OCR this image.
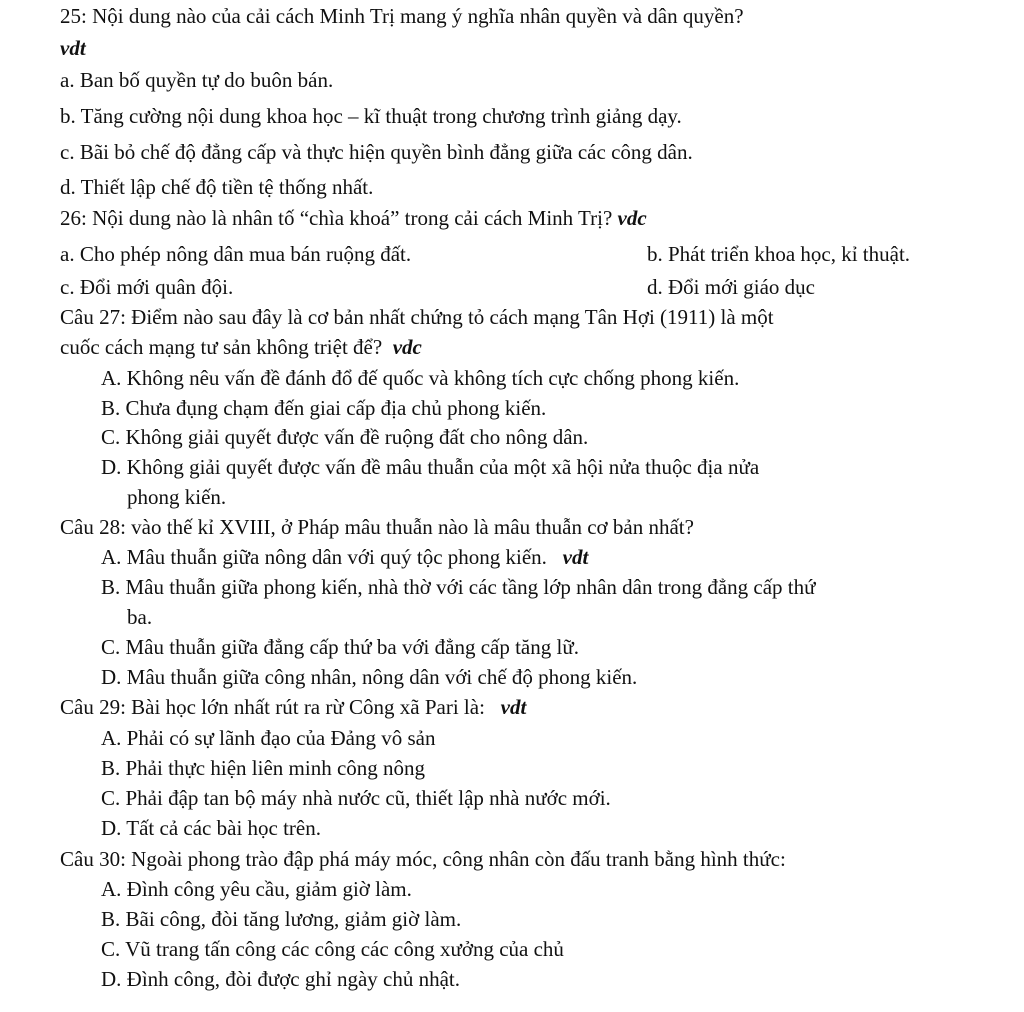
25: Nội dung nào của cải cách Minh Trị mang ý nghĩa nhân quyền và dân quyền?
vdt
a. Ban bố quyền tự do buôn bán.
b. Tăng cường nội dung khoa học – kĩ thuật trong chương trình giảng dạy.
c. Bãi bỏ chế độ đẳng cấp và thực hiện quyền bình đẳng giữa các công dân.
d. Thiết lập chế độ tiền tệ thống nhất.
26: Nội dung nào là nhân tố “chìa khoá” trong cải cách Minh Trị? vdc
a. Cho phép nông dân mua bán ruộng đất.	b. Phát triển khoa học, kỉ thuật.
c. Đổi mới quân đội.	d. Đổi mới giáo dục
Câu 27: Điểm nào sau đây là cơ bản nhất chứng tỏ cách mạng Tân Hợi (1911) là một
cuốc cách mạng tư sản không triệt để? vdc
A. Không nêu vấn đề đánh đổ đế quốc và không tích cực chống phong kiến.
B. Chưa đụng chạm đến giai cấp địa chủ phong kiến.
C. Không giải quyết được vấn đề ruộng đất cho nông dân.
D. Không giải quyết được vấn đề mâu thuẫn của một xã hội nửa thuộc địa nửa
phong kiến.
Câu 28: vào thế kỉ XVIII, ở Pháp mâu thuẫn nào là mâu thuẫn cơ bản nhất?
A. Mâu thuẫn giữa nông dân với quý tộc phong kiến. vdt
B. Mâu thuẫn giữa phong kiến, nhà thờ với các tầng lớp nhân dân trong đẳng cấp thứ
ba.
C. Mâu thuẫn giữa đẳng cấp thứ ba với đẳng cấp tăng lữ.
D. Mâu thuẫn giữa công nhân, nông dân với chế độ phong kiến.
Câu 29: Bài học lớn nhất rút ra rừ Công xã Pari là: vdt
A. Phải có sự lãnh đạo của Đảng vô sản
B. Phải thực hiện liên minh công nông
C. Phải đập tan bộ máy nhà nước cũ, thiết lập nhà nước mới.
D. Tất cả các bài học trên.
Câu 30: Ngoài phong trào đập phá máy móc, công nhân còn đấu tranh bằng hình thức:
A. Đình công yêu cầu, giảm giờ làm.
B. Bãi công, đòi tăng lương, giảm giờ làm.
C. Vũ trang tấn công các công các công xưởng của chủ
D. Đình công, đòi được ghỉ ngày chủ nhật.
